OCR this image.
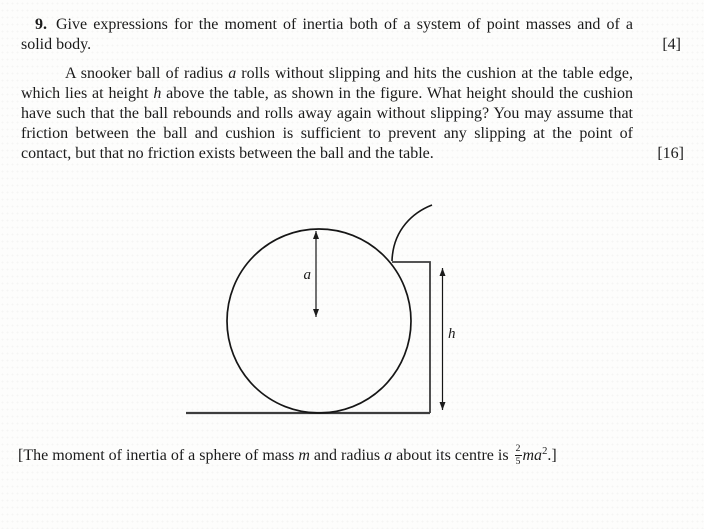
9. Give expressions for the moment of inertia both of a system of point masses and of a solid body.	[4]

A snooker ball of radius a rolls without slipping and hits the cushion at the table edge, which lies at height h above the table, as shown in the figure. What height should the cushion have such that the ball rebounds and rolls away again without slipping? You may assume that friction between the ball and cushion is sufficient to prevent any slipping at the point of contact, but that no friction exists between the ball and the table.	[16]

a
h
[The moment of inertia of a sphere of mass m and radius a about its centre is $\frac{2}{5} ma^2$.]
